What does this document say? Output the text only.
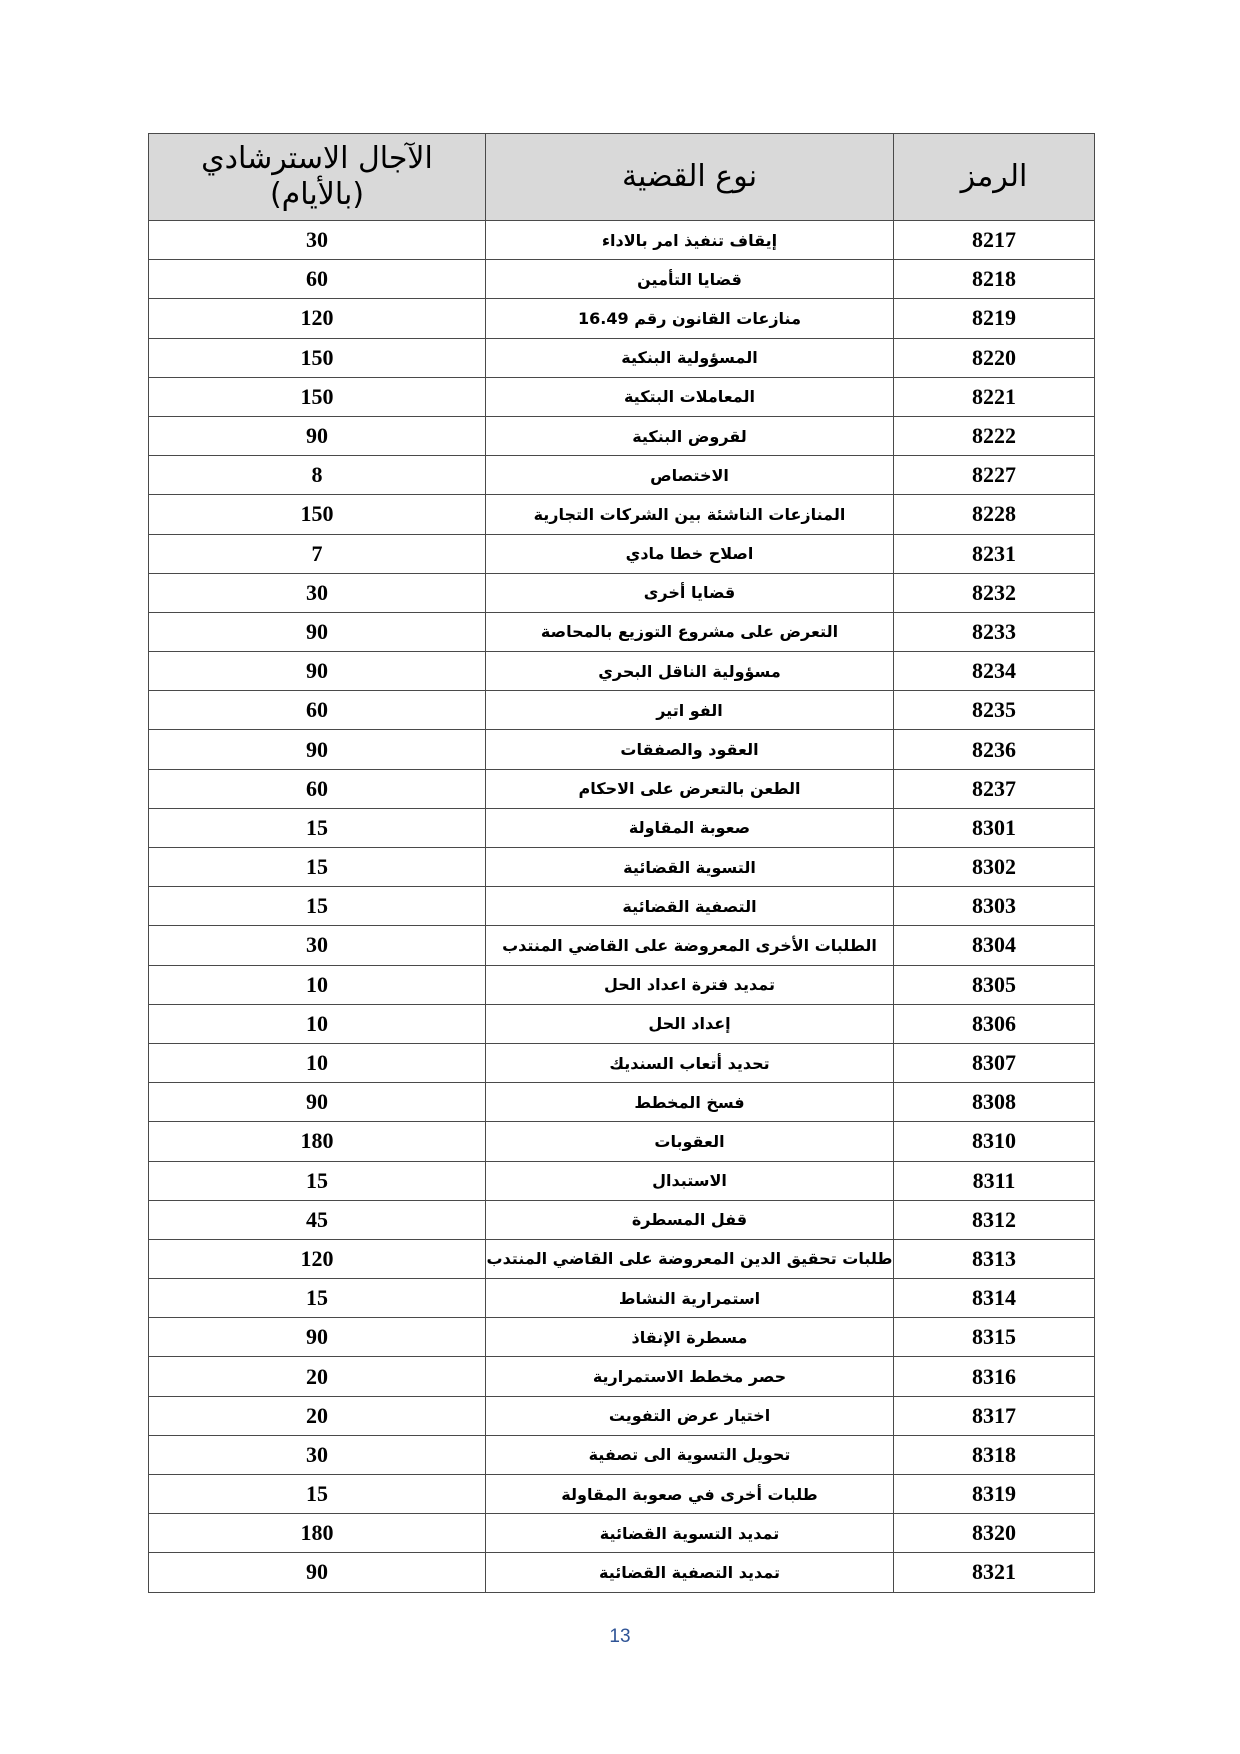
الرمز	نوع القضية	الآجال الاسترشادي (بالأيام)

8217	إيقاف تنفيذ امر بالاداء	30
8218	قضايا التأمين	60
8219	منازعات القانون رقم 16.49	120
8220	المسؤولية البنكية	150
8221	المعاملات البتكية	150
8222	لقروض البنكية	90
8227	الاختصاص	8
8228	المنازعات الناشئة بين الشركات التجارية	150
8231	اصلاح خطا مادي	7
8232	قضايا أخرى	30
8233	التعرض على مشروع التوزيع بالمحاصة	90
8234	مسؤولية الناقل البحري	90
8235	الفو اتير	60
8236	العقود والصفقات	90
8237	الطعن بالتعرض على الاحكام	60
8301	صعوبة المقاولة	15
8302	التسوية القضائية	15
8303	التصفية القضائية	15
8304	الطلبات الأخرى المعروضة على القاضي المنتدب	30
8305	تمديد فترة اعداد الحل	10
8306	إعداد الحل	10
8307	تحديد أتعاب السنديك	10
8308	فسخ المخطط	90
8310	العقوبات	180
8311	الاستبدال	15
8312	قفل المسطرة	45
8313	طلبات تحقيق الدين المعروضة على القاضي المنتدب	120
8314	استمرارية النشاط	15
8315	مسطرة الإنقاذ	90
8316	حصر مخطط الاستمرارية	20
8317	اختيار عرض التفويت	20
8318	تحويل التسوية الى تصفية	30
8319	طلبات أخرى في صعوبة المقاولة	15
8320	تمديد التسوية القضائية	180
8321	تمديد التصفية القضائية	90
13
